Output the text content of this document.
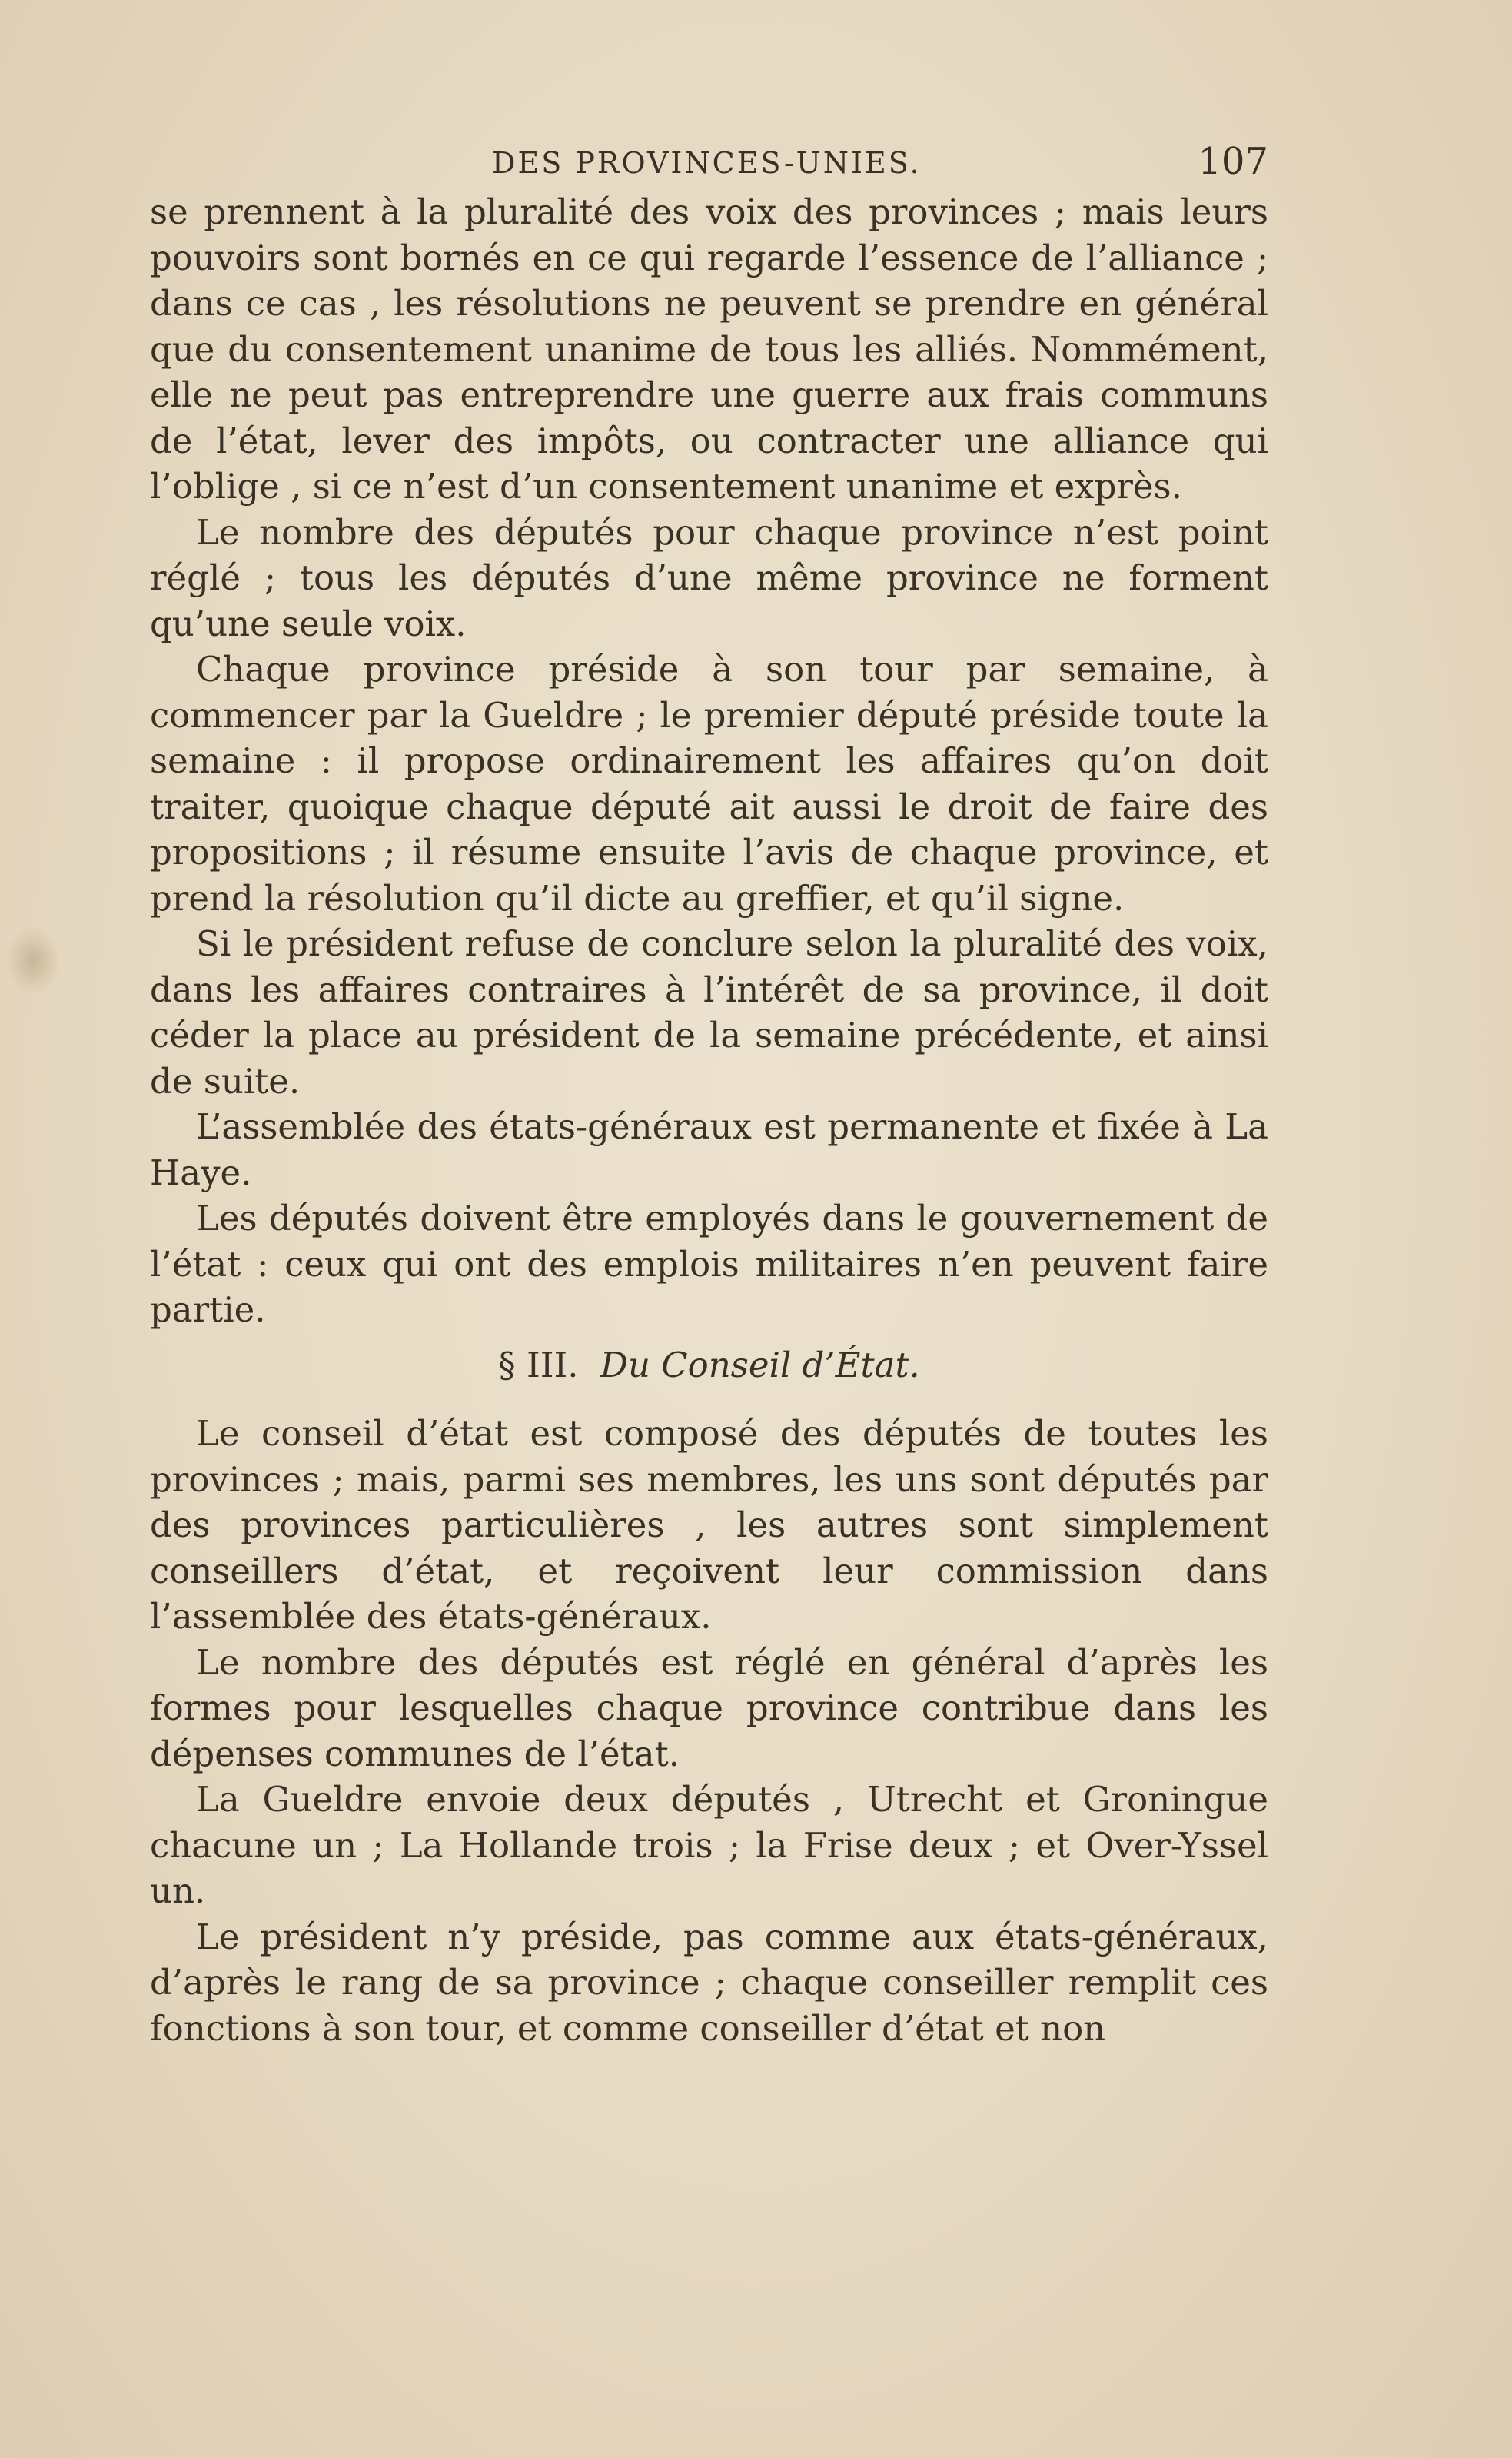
DES PROVINCES-UNIES.	107

se prennent à la pluralité des voix des provinces ; mais leurs pouvoirs sont bornés en ce qui regarde l’essence de l’alliance ; dans ce cas , les résolutions ne peuvent se prendre en général que du consentement unanime de tous les alliés. Nommément, elle ne peut pas entreprendre une guerre aux frais communs de l’état, lever des impôts, ou contracter une alliance qui l’oblige , si ce n’est d’un consentement unanime et exprès.

Le nombre des députés pour chaque province n’est point réglé ; tous les députés d’une même province ne forment qu’une seule voix.

Chaque province préside à son tour par semaine, à commencer par la Gueldre ; le premier député préside toute la semaine : il propose ordinairement les affaires qu’on doit traiter, quoique chaque député ait aussi le droit de faire des propositions ; il résume ensuite l’avis de chaque province, et prend la résolution qu’il dicte au greffier, et qu’il signe.

Si le président refuse de conclure selon la pluralité des voix, dans les affaires contraires à l’intérêt de sa province, il doit céder la place au président de la semaine précédente, et ainsi de suite.

L’assemblée des états-généraux est permanente et fixée à La Haye.

Les députés doivent être employés dans le gouvernement de l’état : ceux qui ont des emplois militaires n’en peuvent faire partie.

§ III. Du Conseil d’État.

Le conseil d’état est composé des députés de toutes les provinces ; mais, parmi ses membres, les uns sont députés par des provinces particulières , les autres sont simplement conseillers d’état, et reçoivent leur commission dans l’assemblée des états-généraux.

Le nombre des députés est réglé en général d’après les formes pour lesquelles chaque province contribue dans les dépenses communes de l’état.

La Gueldre envoie deux députés , Utrecht et Groningue chacune un ; La Hollande trois ; la Frise deux ; et Over-Yssel un.

Le président n’y préside, pas comme aux états-généraux, d’après le rang de sa province ; chaque conseiller remplit ces fonctions à son tour, et comme conseiller d’état et non
